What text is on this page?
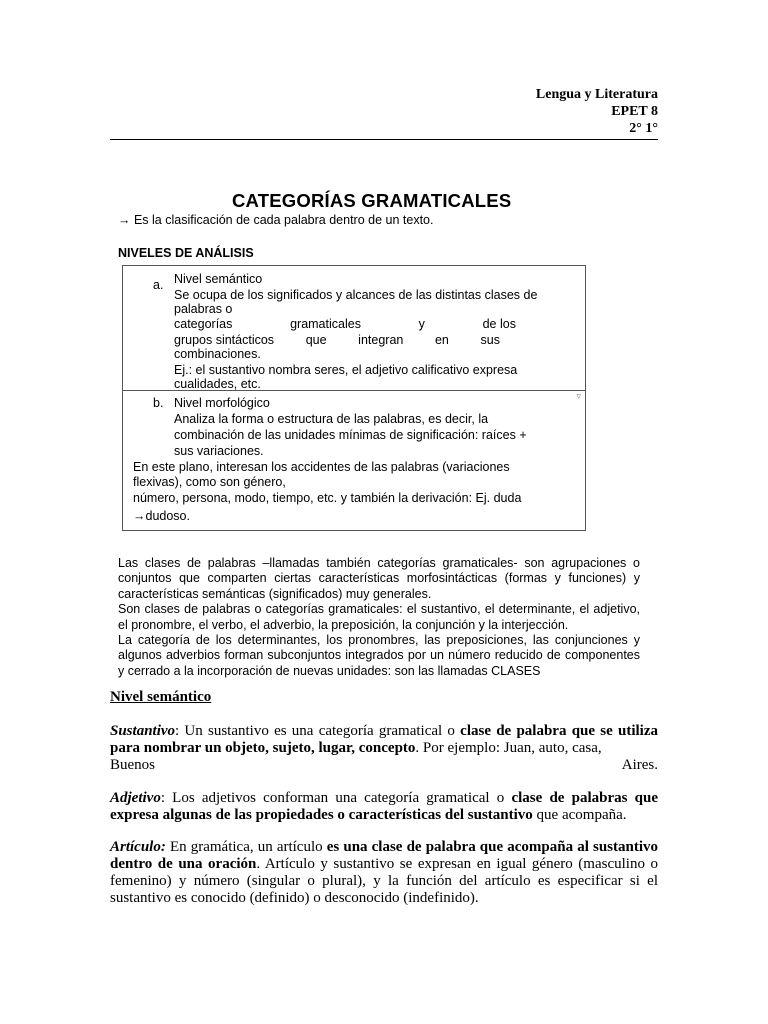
Lengua y Literatura
EPET 8
2° 1°
CATEGORÍAS GRAMATICALES
→ Es la clasificación de cada palabra dentro de un texto.
NIVELES DE ANÁLISIS
a. Nivel semántico
Se ocupa de los significados y alcances de las distintas clases de
palabras o
categorías	gramaticales	y	de los
grupos sintácticos	que	integran	en	sus
combinaciones.
Ej.: el sustantivo nombra seres, el adjetivo calificativo expresa
cualidades, etc.
▿
b. Nivel morfológico
Analiza la forma o estructura de las palabras, es decir, la
combinación de las unidades mínimas de significación: raíces +
sus variaciones.
En este plano, interesan los accidentes de las palabras (variaciones
flexivas), como son género,
número, persona, modo, tiempo, etc. y también la derivación: Ej. duda
→dudoso.

Las clases de palabras –llamadas también categorías gramaticales- son agrupaciones o conjuntos que comparten ciertas características morfosintácticas (formas y funciones) y características semánticas (significados) muy generales.

Son clases de palabras o categorías gramaticales: el sustantivo, el determinante, el adjetivo, el pronombre, el verbo, el adverbio, la preposición, la conjunción y la interjección.

La categoría de los determinantes, los pronombres, las preposiciones, las conjunciones y algunos adverbios forman subconjuntos integrados por un número reducido de componentes y cerrado a la incorporación de nuevas unidades: son las llamadas CLASES

Nivel semántico
Sustantivo: Un sustantivo es una categoría gramatical o clase de palabra que se utiliza para nombrar un objeto, sujeto, lugar, concepto. Por ejemplo: Juan, auto, casa,
Buenos	Aires.
Adjetivo: Los adjetivos conforman una categoría gramatical o clase de palabras que expresa algunas de las propiedades o características del sustantivo que acompaña.
Artículo: En gramática, un artículo es una clase de palabra que acompaña al sustantivo dentro de una oración. Artículo y sustantivo se expresan en igual género (masculino o femenino) y número (singular o plural), y la función del artículo es especificar si el sustantivo es conocido (definido) o desconocido (indefinido).
